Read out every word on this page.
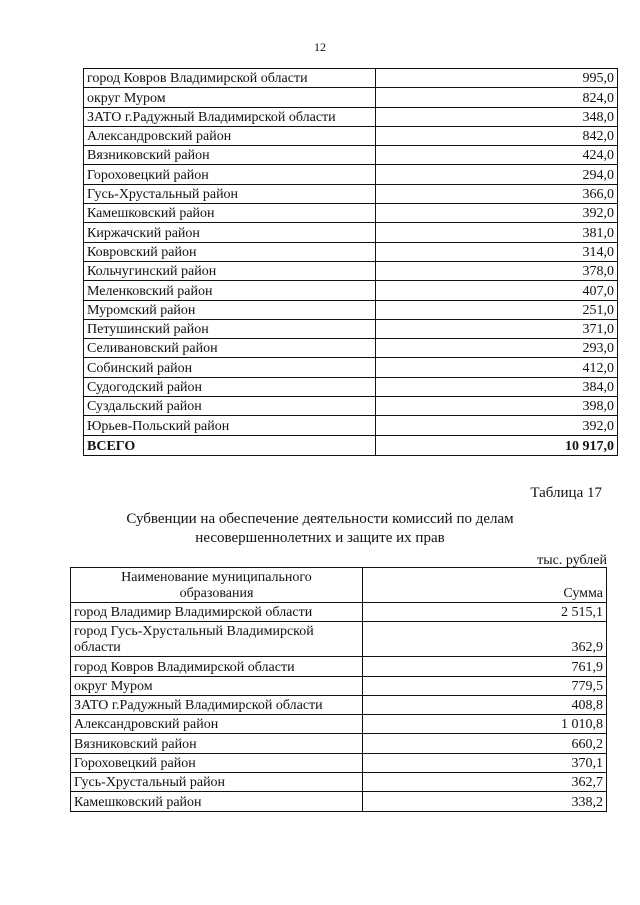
12
город Ковров Владимирской области	995,0
округ Муром	824,0
ЗАТО г.Радужный Владимирской области	348,0
Александровский район	842,0
Вязниковский район	424,0
Гороховецкий район	294,0
Гусь-Хрустальный район	366,0
Камешковский район	392,0
Киржачский район	381,0
Ковровский район	314,0
Кольчугинский район	378,0
Меленковский район	407,0
Муромский район	251,0
Петушинский район	371,0
Селивановский район	293,0
Собинский район	412,0
Судогодский район	384,0
Суздальский район	398,0
Юрьев-Польский район	392,0
ВСЕГО	10 917,0
Таблица 17
Субвенции на обеспечение деятельности комиссий по делам
несовершеннолетних и защите их прав
тыс. рублей
Наименование муниципального
образования	Сумма
город Владимир Владимирской области	2 515,1

город Гусь-Хрустальный Владимирской
области	362,9
город Ковров Владимирской области	761,9
округ Муром	779,5
ЗАТО г.Радужный Владимирской области	408,8
Александровский район	1 010,8
Вязниковский район	660,2
Гороховецкий район	370,1
Гусь-Хрустальный район	362,7
Камешковский район	338,2
